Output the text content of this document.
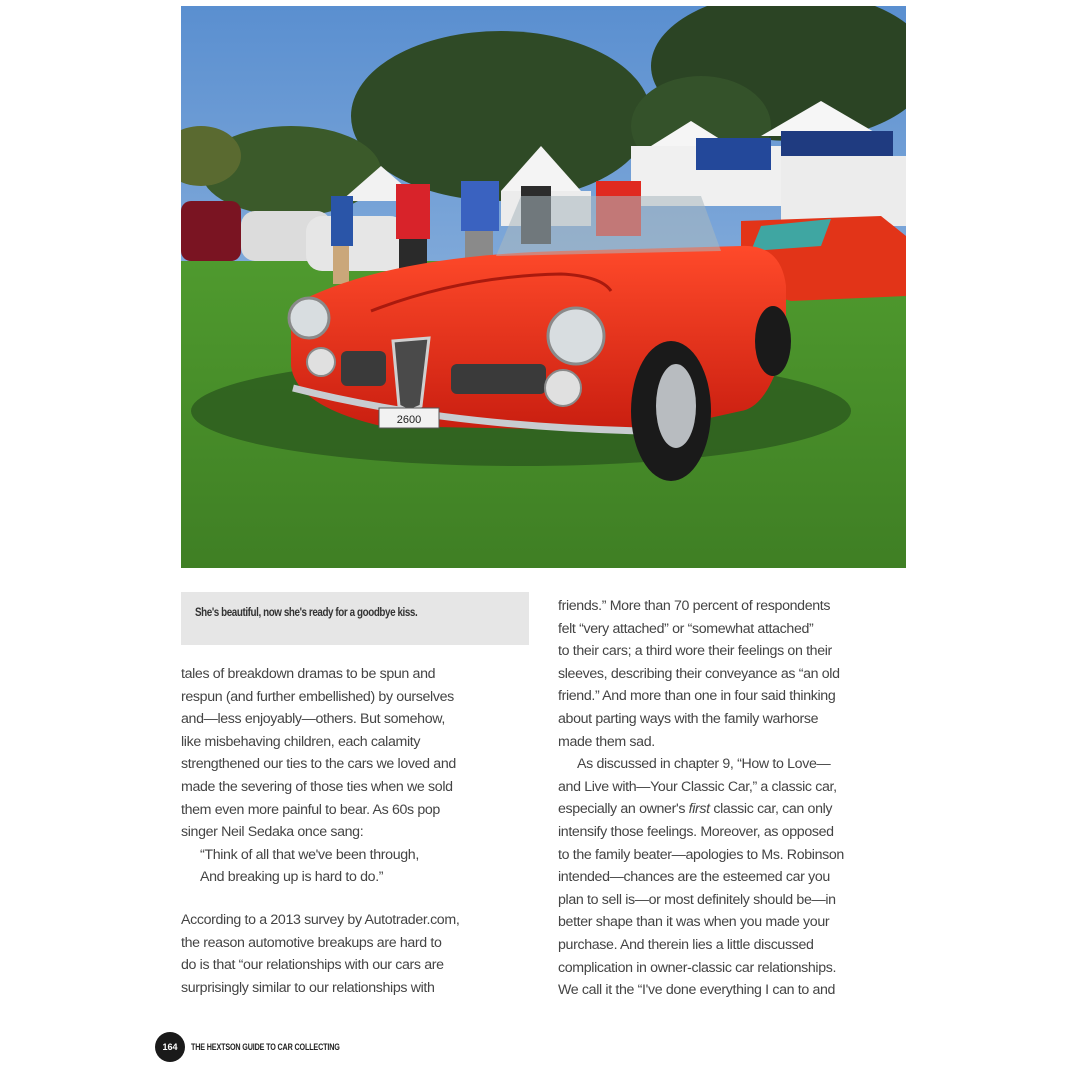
2600
She's beautiful, now she's ready for a goodbye kiss.

tales of breakdown dramas to be spun and

respun (and further embellished) by ourselves

and—less enjoyably—others. But somehow,

like misbehaving children, each calamity

strengthened our ties to the cars we loved and

made the severing of those ties when we sold

them even more painful to bear. As 60s pop

singer Neil Sedaka once sang:

“Think of all that we've been through,

And breaking up is hard to do.”

According to a 2013 survey by Autotrader.com,

the reason automotive breakups are hard to

do is that “our relationships with our cars are

surprisingly similar to our relationships with

friends.” More than 70 percent of respondents

felt “very attached” or “somewhat attached”

to their cars; a third wore their feelings on their

sleeves, describing their conveyance as “an old

friend.” And more than one in four said thinking

about parting ways with the family warhorse

made them sad.

As discussed in chapter 9, “How to Love—

and Live with—Your Classic Car,” a classic car,

especially an owner's first classic car, can only

intensify those feelings. Moreover, as opposed

to the family beater—apologies to Ms. Robinson

intended—chances are the esteemed car you

plan to sell is—or most definitely should be—in

better shape than it was when you made your

purchase. And therein lies a little discussed

complication in owner-classic car relationships.

We call it the “I've done everything I can to and

164	THE HEXTSON GUIDE TO CAR COLLECTING
